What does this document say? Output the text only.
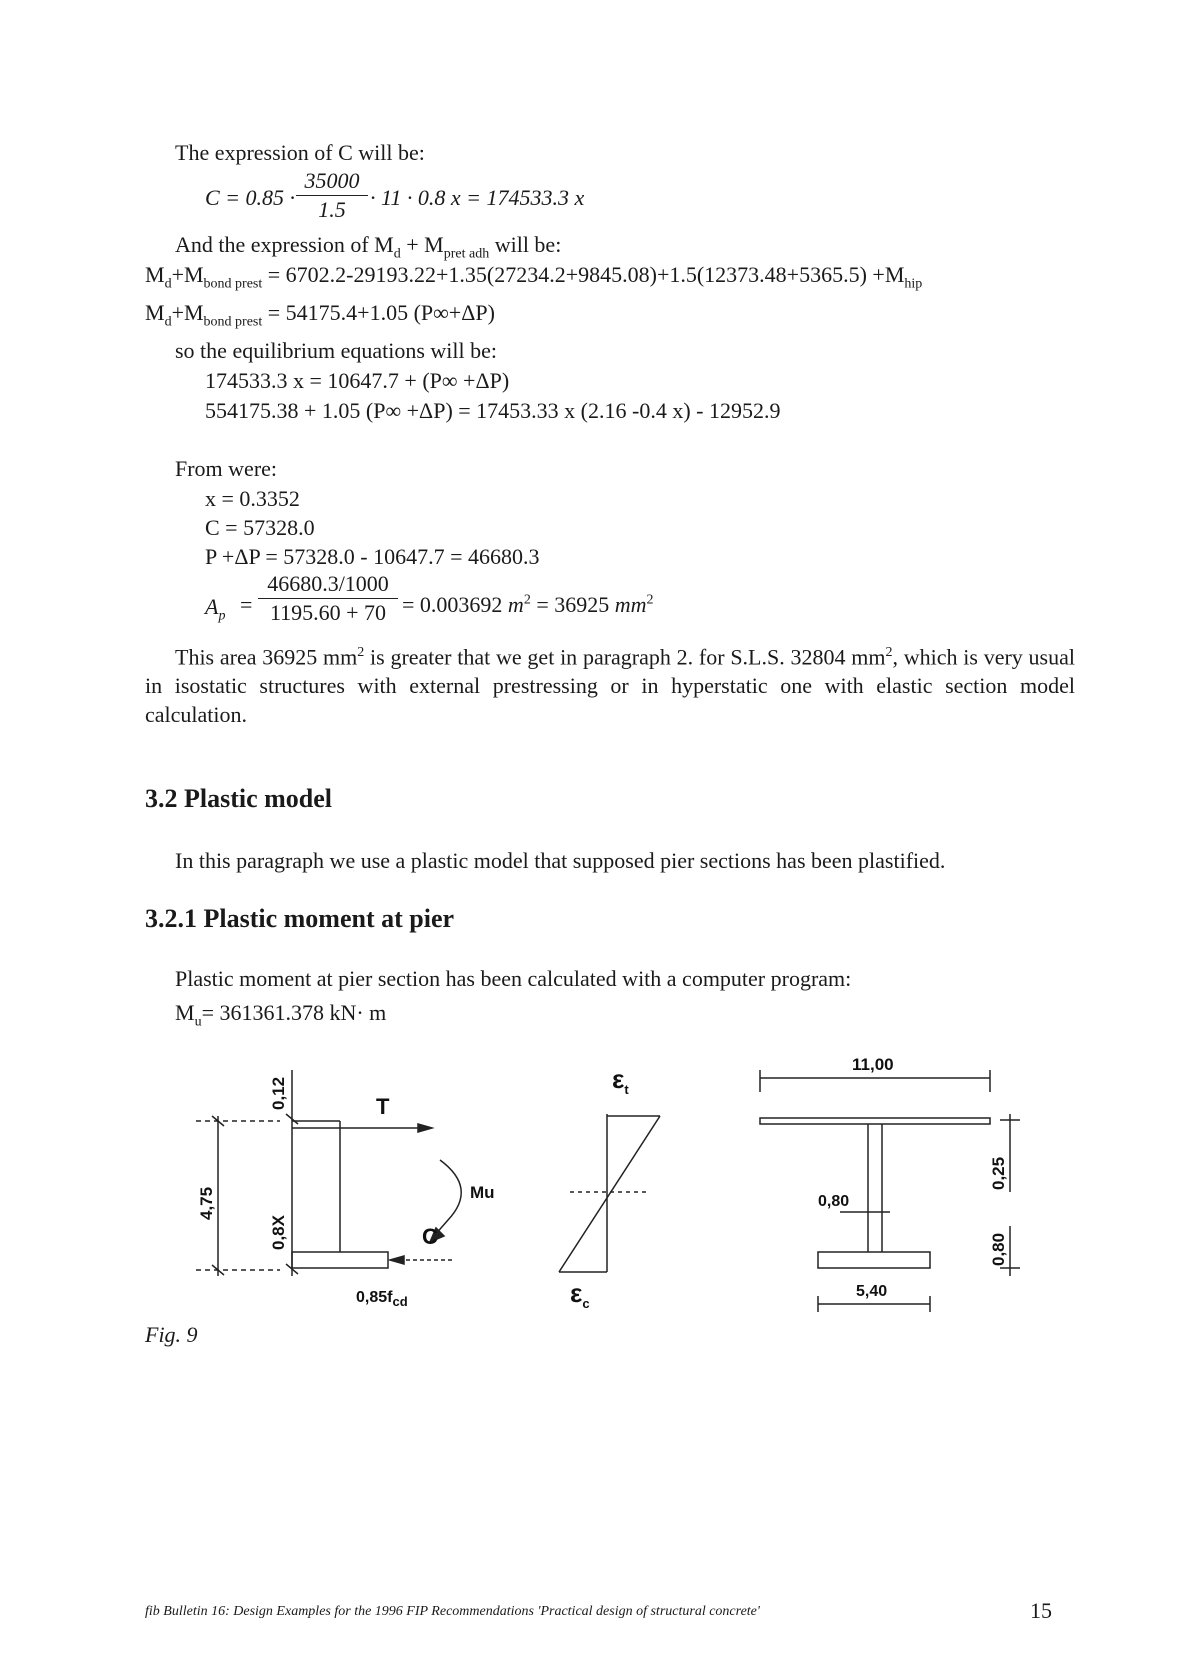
The expression of C will be:
C = 0.85 ·
35000
1.5	· 11 · 0.8 x = 174533.3 x
And the expression of $M_d + M_{pret adh}$ will be:
$M_d+M_{bond prest} = 6702.2-29193.22+1.35(27234.2+9845.08)+1.5(12373.48+5365.5) +M_{hip}$
$M_d+M_{bond prest} = 54175.4+1.05$ (P∞+ΔP)
so the equilibrium equations will be:
174533.3 x = 10647.7 + (P∞ +ΔP)
554175.38 + 1.05 (P∞ +ΔP) = 17453.33 x (2.16 -0.4 x) - 12952.9
From were:
x = 0.3352
C = 57328.0
P +ΔP = 57328.0 - 10647.7 = 46680.3
$A_p$ =
46680.3/1000
1195.60 + 70 = 0.003692 $m^2 = 36925$ $mm^2$
This area 36925 $mm^2$ is greater that we get in paragraph 2. for S.L.S. 32804 $mm^2$, which is very usual in isostatic structures with external prestressing or in hyperstatic one with elastic section model calculation.
3.2 Plastic model
In this paragraph we use a plastic model that supposed pier sections has been plastified.
3.2.1 Plastic moment at pier
Plastic moment at pier section has been calculated with a computer program:
$M_u= 361361.378$ kN· m
0,12	T
4,75
0,8X
Mu
C
$0,85f_{cd}$
$\varepsilon_t$
$\varepsilon_c$
11,00
0,25
0,80
0,80
5,40
Fig. 9
fib Bulletin 16: Design Examples for the 1996 FIP Recommendations 'Practical design of structural concrete'	15
